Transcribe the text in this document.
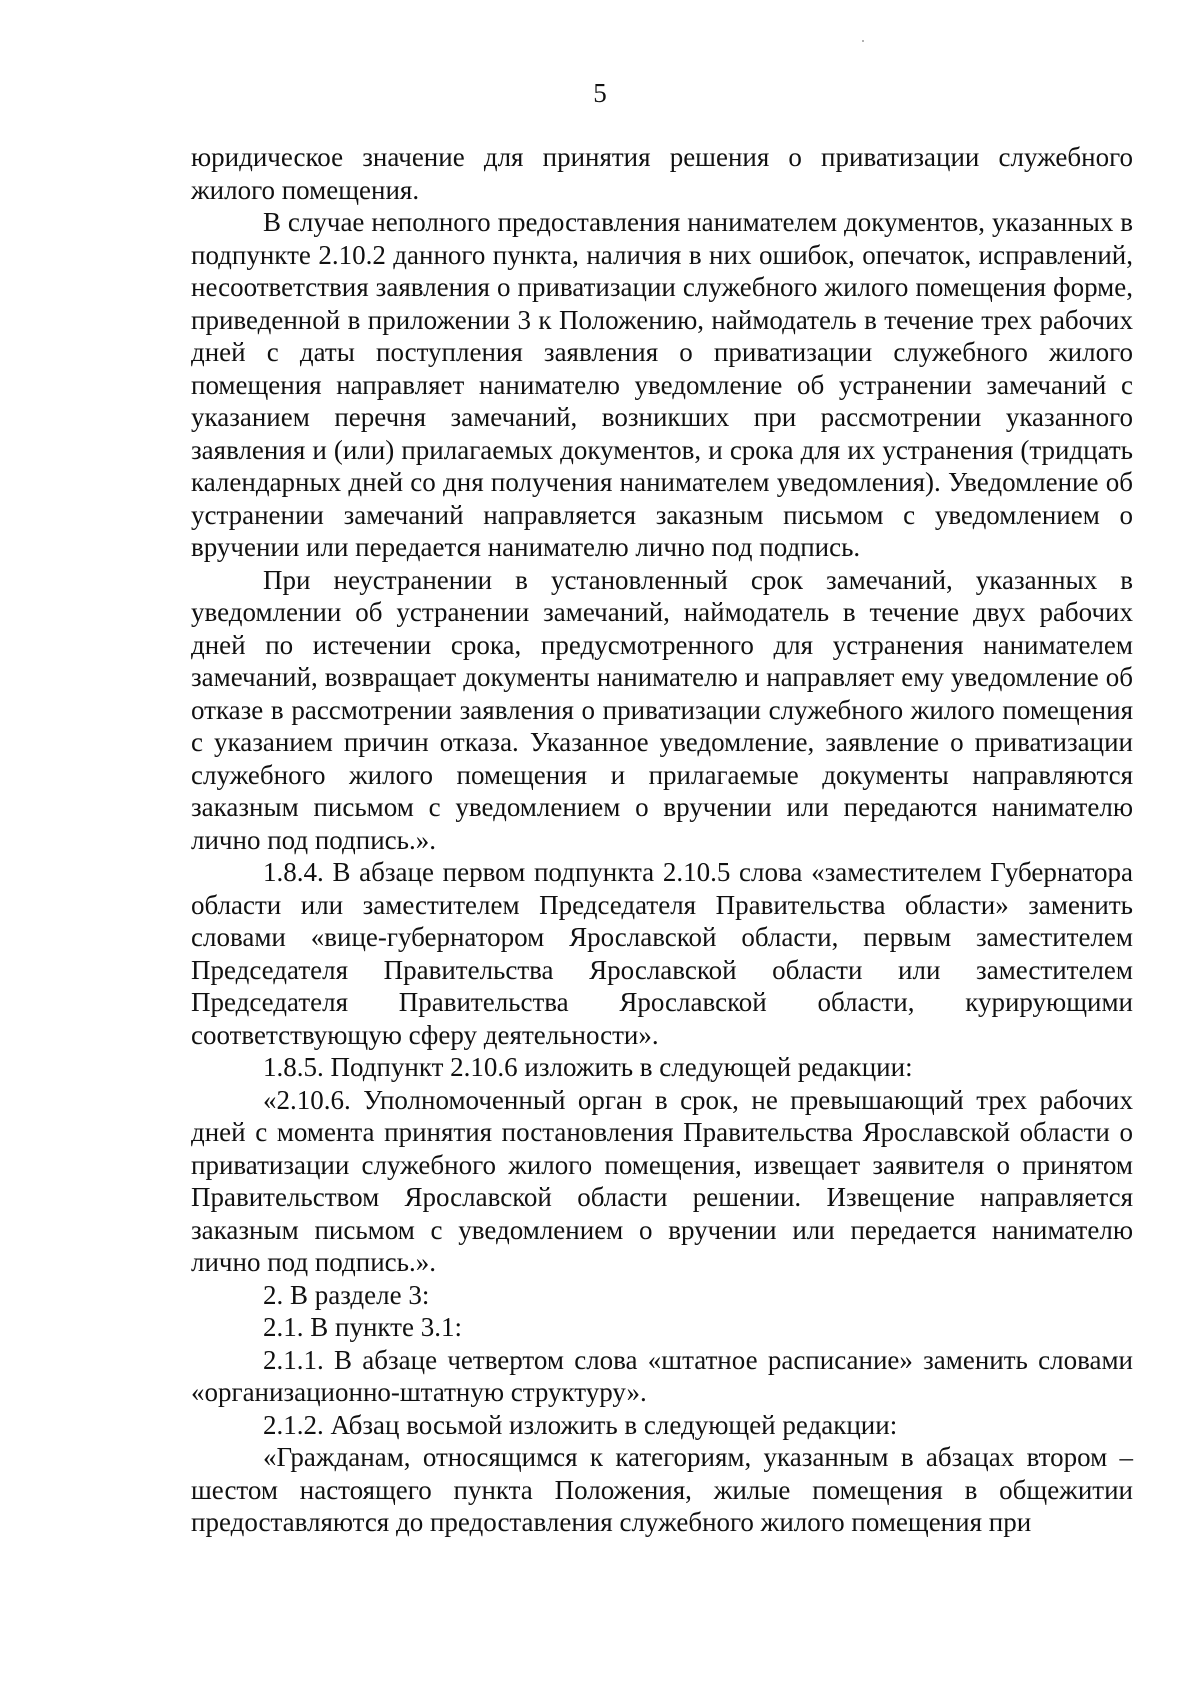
5

юридическое значение для принятия решения о приватизации служебного жилого помещения.

В случае неполного предоставления нанимателем документов, указанных в подпункте 2.10.2 данного пункта, наличия в них ошибок, опечаток, исправлений, несоответствия заявления о приватизации служебного жилого помещения форме, приведенной в приложении 3 к Положению, наймодатель в течение трех рабочих дней с даты поступления заявления о приватизации служебного жилого помещения направляет нанимателю уведомление об устранении замечаний с указанием перечня замечаний, возникших при рассмотрении указанного заявления и (или) прилагаемых документов, и срока для их устранения (тридцать календарных дней со дня получения нанимателем уведомления). Уведомление об устранении замечаний направляется заказным письмом с уведомлением о вручении или передается нанимателю лично под подпись.

При неустранении в установленный срок замечаний, указанных в уведомлении об устранении замечаний, наймодатель в течение двух рабочих дней по истечении срока, предусмотренного для устранения нанимателем замечаний, возвращает документы нанимателю и направляет ему уведомление об отказе в рассмотрении заявления о приватизации служебного жилого помещения с указанием причин отказа. Указанное уведомление, заявление о приватизации служебного жилого помещения и прилагаемые документы направляются заказным письмом с уведомлением о вручении или передаются нанимателю лично под подпись.».

1.8.4. В абзаце первом подпункта 2.10.5 слова «заместителем Губернатора области или заместителем Председателя Правительства области» заменить словами «вице-губернатором Ярославской области, первым заместителем Председателя Правительства Ярославской области или заместителем Председателя Правительства Ярославской области, курирующими соответствующую сферу деятельности».

1.8.5. Подпункт 2.10.6 изложить в следующей редакции:

«2.10.6. Уполномоченный орган в срок, не превышающий трех рабочих дней с момента принятия постановления Правительства Ярославской области о приватизации служебного жилого помещения, извещает заявителя о принятом Правительством Ярославской области решении. Извещение направляется заказным письмом с уведомлением о вручении или передается нанимателю лично под подпись.».

2. В разделе 3:

2.1. В пункте 3.1:

2.1.1. В абзаце четвертом слова «штатное расписание» заменить словами «организационно-штатную структуру».

2.1.2. Абзац восьмой изложить в следующей редакции:

«Гражданам, относящимся к категориям, указанным в абзацах втором – шестом настоящего пункта Положения, жилые помещения в общежитии предоставляются до предоставления служебного жилого помещения при
